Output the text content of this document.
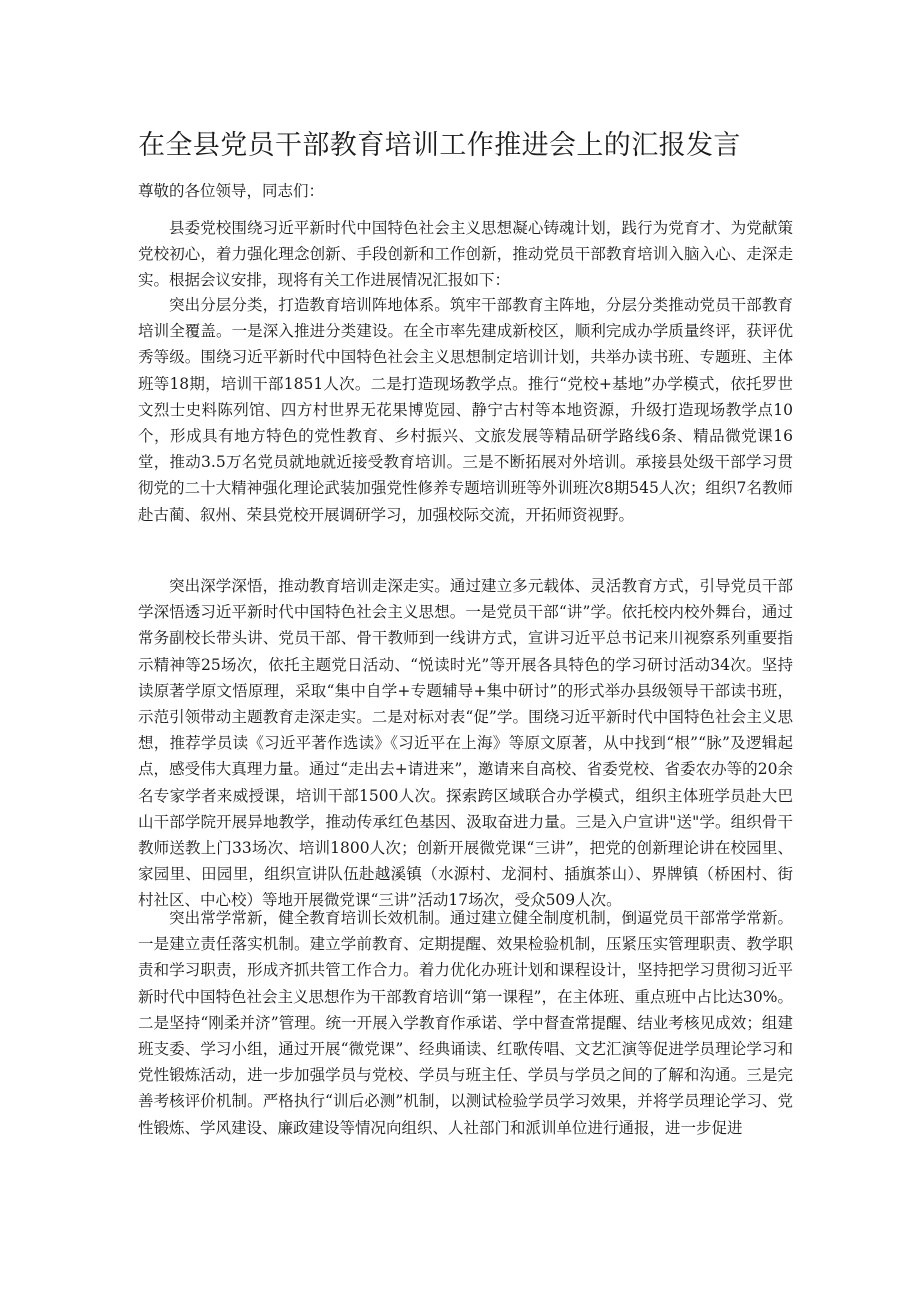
在全县党员干部教育培训工作推进会上的汇报发言

尊敬的各位领导，同志们：

县委党校围绕习近平新时代中国特色社会主义思想凝心铸魂计划，践行为党育才、为党献策党校初心，着力强化理念创新、手段创新和工作创新，推动党员干部教育培训入脑入心、走深走实。根据会议安排，现将有关工作进展情况汇报如下：

突出分层分类，打造教育培训阵地体系。筑牢干部教育主阵地，分层分类推动党员干部教育培训全覆盖。一是深入推进分类建设。在全市率先建成新校区，顺利完成办学质量终评，获评优秀等级。围绕习近平新时代中国特色社会主义思想制定培训计划，共举办读书班、专题班、主体班等18期，培训干部1851人次。二是打造现场教学点。推行“党校+基地”办学模式，依托罗世文烈士史料陈列馆、四方村世界无花果博览园、静宁古村等本地资源，升级打造现场教学点10个，形成具有地方特色的党性教育、乡村振兴、文旅发展等精品研学路线6条、精品微党课16堂，推动3.5万名党员就地就近接受教育培训。三是不断拓展对外培训。承接县处级干部学习贯彻党的二十大精神强化理论武装加强党性修养专题培训班等外训班次8期545人次；组织7名教师赴古蔺、叙州、荣县党校开展调研学习，加强校际交流，开拓师资视野。

突出深学深悟，推动教育培训走深走实。通过建立多元载体、灵活教育方式，引导党员干部学深悟透习近平新时代中国特色社会主义思想。一是党员干部“讲”学。依托校内校外舞台，通过常务副校长带头讲、党员干部、骨干教师到一线讲方式，宣讲习近平总书记来川视察系列重要指示精神等25场次，依托主题党日活动、“悦读时光”等开展各具特色的学习研讨活动34次。坚持读原著学原文悟原理，采取“集中自学+专题辅导+集中研讨”的形式举办县级领导干部读书班，示范引领带动主题教育走深走实。二是对标对表“促”学。围绕习近平新时代中国特色社会主义思想，推荐学员读《习近平著作选读》《习近平在上海》等原文原著，从中找到“根”“脉”及逻辑起点，感受伟大真理力量。通过“走出去+请进来”，邀请来自高校、省委党校、省委农办等的20余名专家学者来威授课，培训干部1500人次。探索跨区域联合办学模式，组织主体班学员赴大巴山干部学院开展异地教学，推动传承红色基因、汲取奋进力量。三是入户宣讲"送"学。组织骨干教师送教上门33场次、培训1800人次；创新开展微党课“三讲”，把党的创新理论讲在校园里、家园里、田园里，组织宣讲队伍赴越溪镇（水源村、龙洞村、插旗茶山）、界牌镇（桥困村、街村社区、中心校）等地开展微党课“三讲”活动17场次，受众509人次。

突出常学常新，健全教育培训长效机制。通过建立健全制度机制，倒逼党员干部常学常新。一是建立责任落实机制。建立学前教育、定期提醒、效果检验机制，压紧压实管理职责、教学职责和学习职责，形成齐抓共管工作合力。着力优化办班计划和课程设计，坚持把学习贯彻习近平新时代中国特色社会主义思想作为干部教育培训“第一课程”，在主体班、重点班中占比达30%。二是坚持“刚柔并济”管理。统一开展入学教育作承诺、学中督查常提醒、结业考核见成效；组建班支委、学习小组，通过开展“微党课”、经典诵读、红歌传唱、文艺汇演等促进学员理论学习和党性锻炼活动，进一步加强学员与党校、学员与班主任、学员与学员之间的了解和沟通。三是完善考核评价机制。严格执行“训后必测”机制，以测试检验学员学习效果，并将学员理论学习、党性锻炼、学风建设、廉政建设等情况向组织、人社部门和派训单位进行通报，进一步促进
